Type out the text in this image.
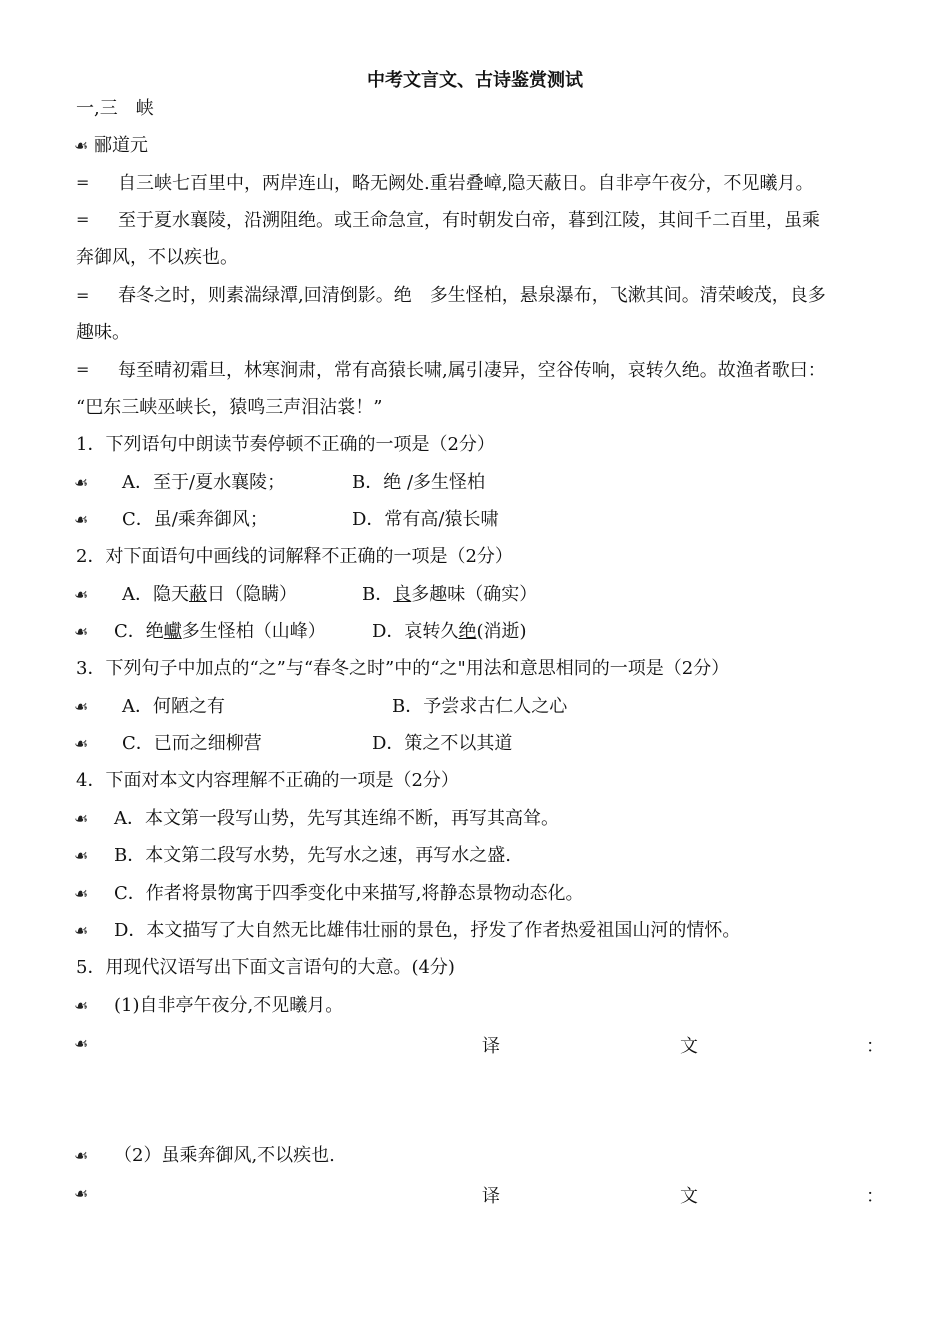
中考文言文、古诗鉴赏测试
一,三　峡
☙ 郦道元
= 自三峡七百里中，两岸连山，略无阙处.重岩叠嶂,隐天蔽日。自非亭午夜分，不见曦月。
= 至于夏水襄陵，沿溯阻绝。或王命急宣，有时朝发白帝，暮到江陵，其间千二百里，虽乘
奔御风，不以疾也。
= 春冬之时，则素湍绿潭,回清倒影。绝　多生怪柏，悬泉瀑布，飞漱其间。清荣峻茂，良多
趣味。
= 每至晴初霜旦，林寒涧肃，常有高猿长啸,属引凄异，空谷传响，哀转久绝。故渔者歌曰：
“巴东三峡巫峡长，猿鸣三声泪沾裳！”
1．下列语句中朗读节奏停顿不正确的一项是（2分）
☙ A．至于/夏水襄陵；	B．绝 /多生怪柏
☙ C．虽/乘奔御风；	D．常有高/猿长啸
2．对下面语句中画线的词解释不正确的一项是（2分）
☙ A．隐天蔽日（隐瞒）	B．良多趣味（确实）
☙ C．绝巘多生怪柏（山峰）	D．哀转久绝(消逝)
3．下列句子中加点的“之”与“春冬之时”中的“之"用法和意思相同的一项是（2分）
☙ A．何陋之有	B．予尝求古仁人之心
☙ C．已而之细柳营	D．策之不以其道
4．下面对本文内容理解不正确的一项是（2分）
☙ A．本文第一段写山势，先写其连绵不断，再写其高耸。
☙ B．本文第二段写水势，先写水之速，再写水之盛.
☙ C．作者将景物寓于四季变化中来描写,将静态景物动态化。
☙ D．本文描写了大自然无比雄伟壮丽的景色，抒发了作者热爱祖国山河的情怀。
5．用现代汉语写出下面文言语句的大意。(4分)
☙ (1)自非亭午夜分,不见曦月。
☙	译	文	：
☙ （2）虽乘奔御风,不以疾也.
☙	译	文	：
